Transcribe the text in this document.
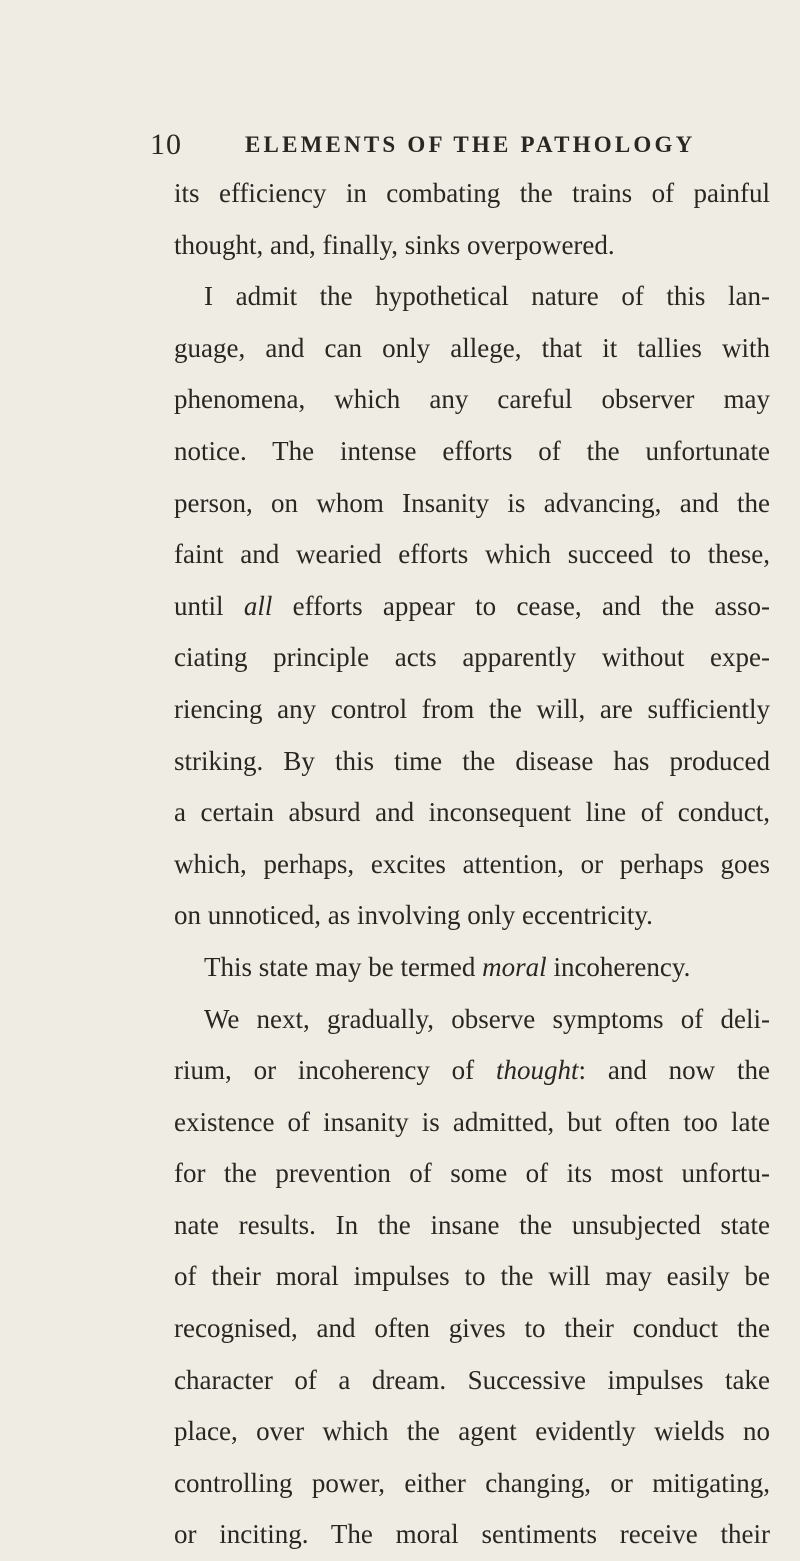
10	ELEMENTS OF THE PATHOLOGY
its efficiency in combating the trains of painful
thought, and, finally, sinks overpowered.
I admit the hypothetical nature of this lan-
guage, and can only allege, that it tallies with
phenomena, which any careful observer may
notice. The intense efforts of the unfortunate
person, on whom Insanity is advancing, and the
faint and wearied efforts which succeed to these,
until all efforts appear to cease, and the asso-
ciating principle acts apparently without expe-
riencing any control from the will, are sufficiently
striking. By this time the disease has produced
a certain absurd and inconsequent line of conduct,
which, perhaps, excites attention, or perhaps goes
on unnoticed, as involving only eccentricity.
This state may be termed moral incoherency.
We next, gradually, observe symptoms of deli-
rium, or incoherency of thought: and now the
existence of insanity is admitted, but often too late
for the prevention of some of its most unfortu-
nate results. In the insane the unsubjected state
of their moral impulses to the will may easily be
recognised, and often gives to their conduct the
character of a dream. Successive impulses take
place, over which the agent evidently wields no
controlling power, either changing, or mitigating,
or inciting. The moral sentiments receive their
